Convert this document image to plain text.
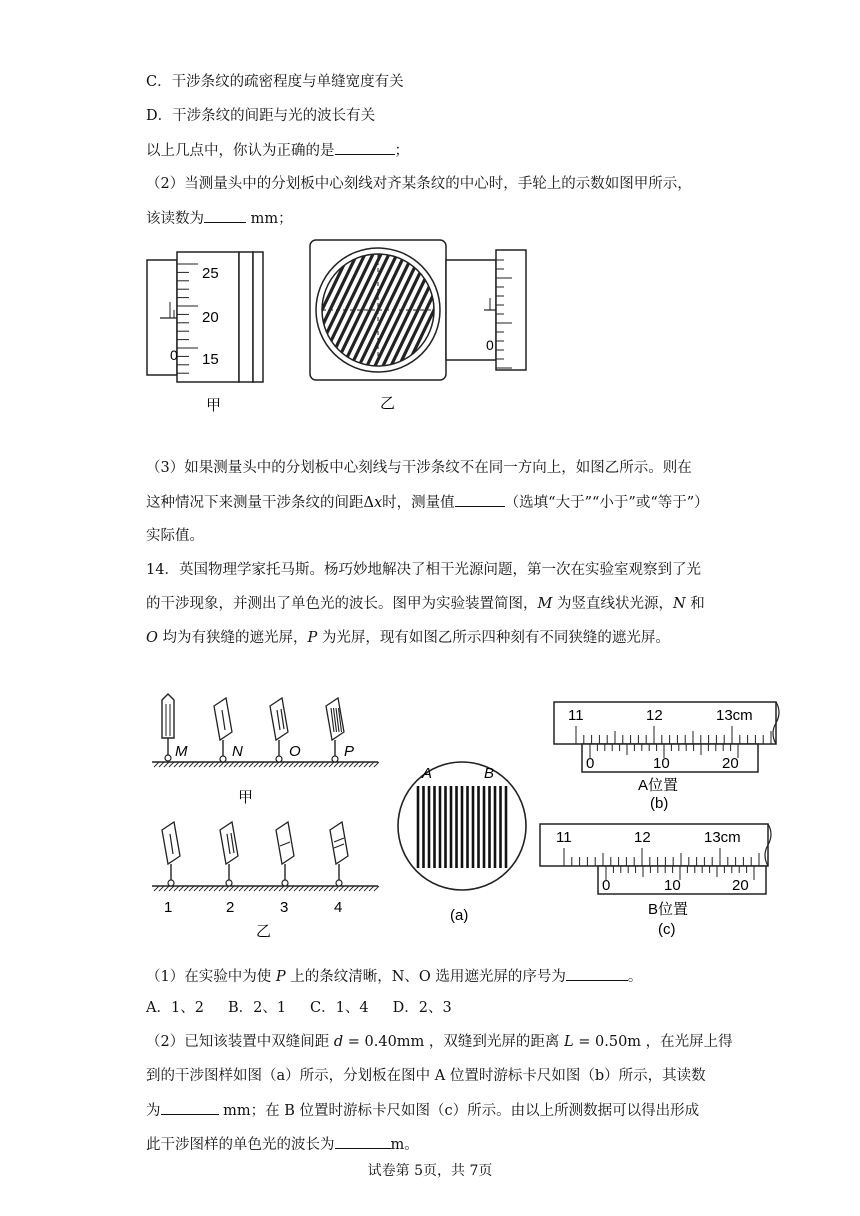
C．干涉条纹的疏密程度与单缝宽度有关
D．干涉条纹的间距与光的波长有关
以上几点中，你认为正确的是	；
（2）当测量头中的分划板中心刻线对齐某条纹的中心时，手轮上的示数如图甲所示，
该读数为	mm；
25
20
15
0
甲
0
乙
（3）如果测量头中的分划板中心刻线与干涉条纹不在同一方向上，如图乙所示。则在
这种情况下来测量干涉条纹的间距Δx时，测量值	（选填“大于”“小于”或“等于”）
实际值。
14．英国物理学家托马斯。杨巧妙地解决了相干光源问题，第一次在实验室观察到了光
的干涉现象，并测出了单色光的波长。图甲为实验装置简图，M 为竖直线状光源，N 和
O 均为有狭缝的遮光屏，P 为光屏，现有如图乙所示四种刻有不同狭缝的遮光屏。
M	N	O	P
甲
1	2	3	4
乙
A	B
(a)
11	12	13cm
0	10	20
A位置
(b)
11	12	13cm
0	10	20
B位置
(c)
（1）在实验中为使 P 上的条纹清晰，N、O 选用遮光屏的序号为	。
A．1、2 B．2、1 C．1、4 D．2、3
（2）已知该装置中双缝间距 d = 0.40mm ，双缝到光屏的距离 L = 0.50m ，在光屏上得
到的干涉图样如图（a）所示，分划板在图中 A 位置时游标卡尺如图（b）所示，其读数
为	mm；在 B 位置时游标卡尺如图（c）所示。由以上所测数据可以得出形成
此干涉图样的单色光的波长为	m。
试卷第 5页，共 7页
